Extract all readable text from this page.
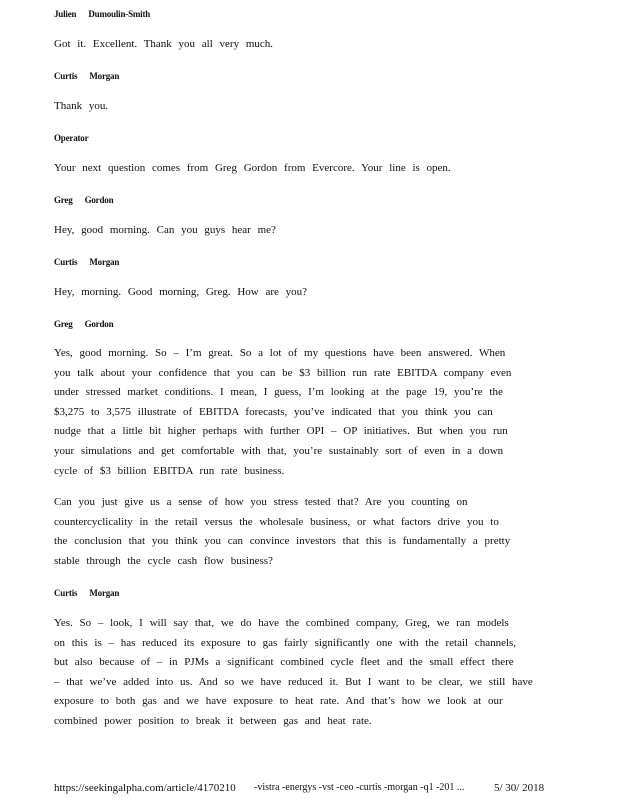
Julien Dumoulin-Smith
Got it. Excellent. Thank you all very much.
Curtis Morgan
Thank you.
Operator
Your next question comes from Greg Gordon from Evercore. Your line is open.
Greg Gordon
Hey, good morning. Can you guys hear me?
Curtis Morgan
Hey, morning. Good morning, Greg. How are you?
Greg Gordon
Yes, good morning. So – I’m great. So a lot of my questions have been answered. When
you talk about your confidence that you can be $3 billion run rate EBITDA company even
under stressed market conditions. I mean, I guess, I’m looking at the page 19, you’re the
$3,275 to 3,575 illustrate of EBITDA forecasts, you’ve indicated that you think you can
nudge that a little bit higher perhaps with further OPI – OP initiatives. But when you run
your simulations and get comfortable with that, you’re sustainably sort of even in a down
cycle of $3 billion EBITDA run rate business.
Can you just give us a sense of how you stress tested that? Are you counting on
countercyclicality in the retail versus the wholesale business, or what factors drive you to
the conclusion that you think you can convince investors that this is fundamentally a pretty
stable through the cycle cash flow business?
Curtis Morgan
Yes. So – look, I will say that, we do have the combined company, Greg, we ran models
on this is – has reduced its exposure to gas fairly significantly one with the retail channels,
but also because of – in PJMs a significant combined cycle fleet and the small effect there
– that we’ve added into us. And so we have reduced it. But I want to be clear, we still have
exposure to both gas and we have exposure to heat rate. And that’s how we look at our
combined power position to break it between gas and heat rate.
https://seekingalpha.com/article/4170210 -vistra -energys -vst -ceo -curtis -morgan -q1 -201 ...	5/ 30/ 2018
